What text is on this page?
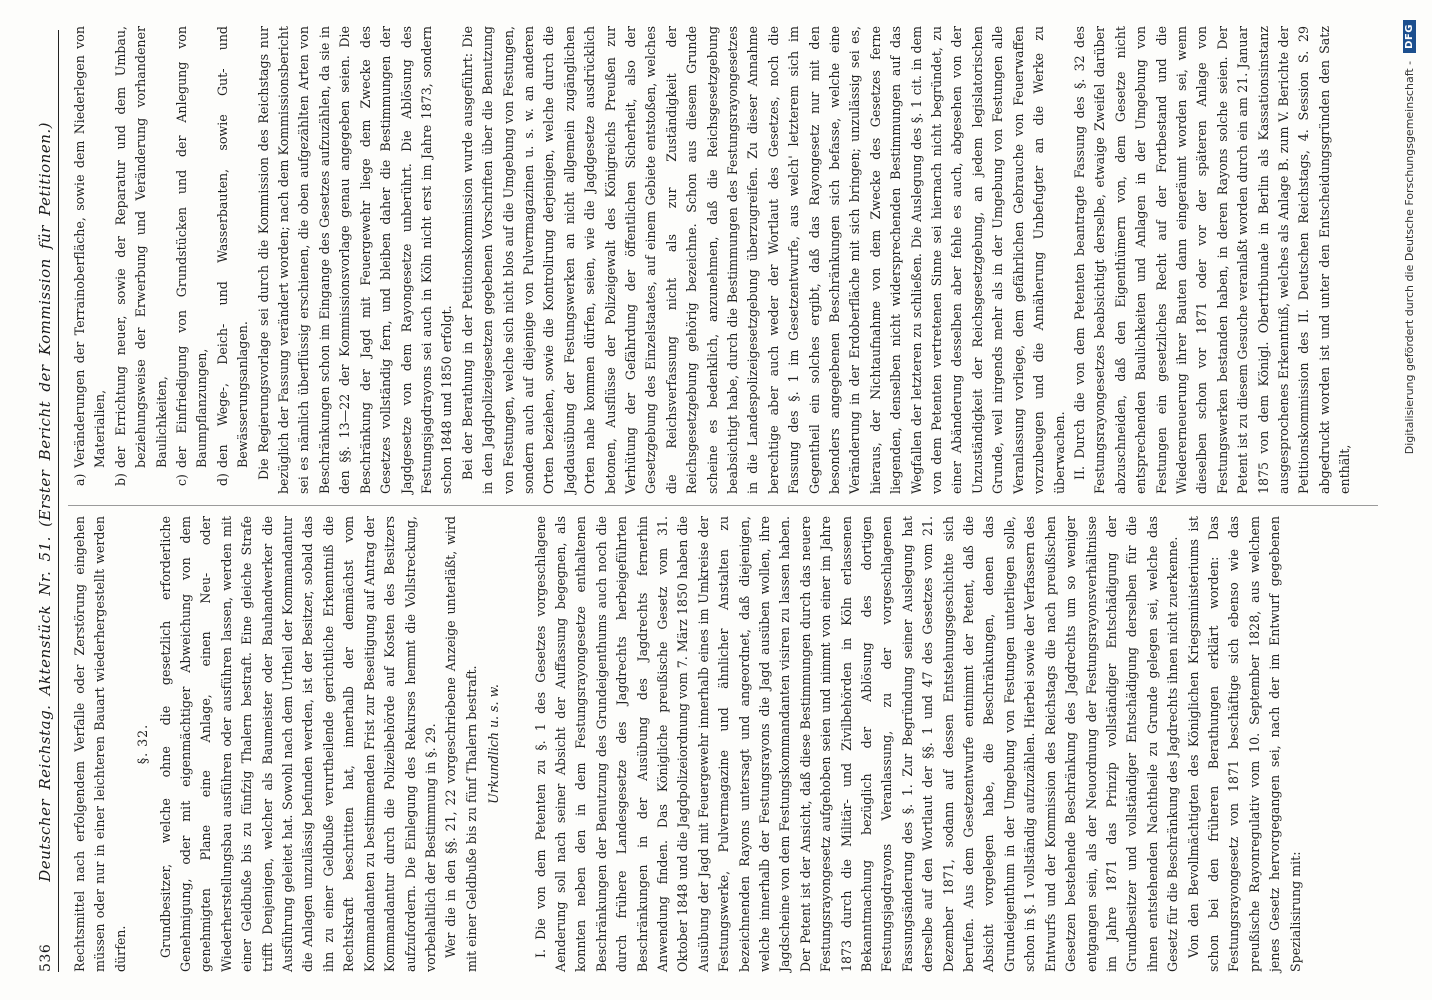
536
Deutscher Reichstag. Aktenstück Nr. 51. (Erster Bericht der Kommission für Petitionen.) Rechtsmittel nach erfolgendem Verfalle oder Zerstörung eingehen müssen oder nur in einer leichteren Bauart wiederhergestellt werden dürfen.

§. 32. Grundbesitzer, welche ohne die gesetzlich erforderliche Genehmigung, oder mit eigenmächtiger Abweichung von dem genehmigten Plane eine Anlage, einen Neu- oder Wiederherstellungsbau ausführen oder ausführen lassen, werden mit einer Geldbuße bis zu fünfzig Thalern bestraft. Eine gleiche Strafe trifft Denjenigen, welcher als Baumeister oder Bauhandwerker die Ausführung geleitet hat. Sowohl nach dem Urtheil der Kommandantur die Anlagen unzulässig befunden werden, ist der Besitzer, sobald das ihn zu einer Geldbuße verurtheilende gerichtliche Erkenntniß die Rechtskraft beschritten hat, innerhalb der demnächst vom Kommandanten zu bestimmenden Frist zur Beseitigung auf Antrag der Kommandantur durch die Polizeibehörde auf Kosten des Besitzers aufzufordern. Die Einlegung des Rekurses hemmt die Vollstreckung, vorbehaltlich der Bestimmung in §. 29. Wer die in den §§. 21, 22 vorgeschriebene Anzeige unterläßt, wird mit einer Geldbuße bis zu fünf Thalern bestraft. Urkundlich u. s. w. I. Die von dem Petenten zu §. 1 des Gesetzes vorgeschlagene Aenderung soll nach seiner Absicht der Auffassung begegnen, als konnten neben den in dem Festungsrayongesetze enthaltenen Beschränkungen der Benutzung des Grundeigenthums auch noch die durch frühere Landesgesetze des Jagdrechts herbeigeführten Beschränkungen in der Ausübung des Jagdrechts fernerhin Anwendung finden. Das Königliche preußische Gesetz vom 31. Oktober 1848 und die Jagdpolizeiordnung vom 7. März 1850 haben die Ausübung der Jagd mit Feuergewehr innerhalb eines im Umkreise der Festungswerke, Pulvermagazine und ähnlicher Anstalten zu bezeichnenden Rayons untersagt und angeordnet, daß diejenigen, welche innerhalb der Festungsrayons die Jagd ausüben wollen, ihre Jagdscheine von dem Festungskommandanten visiren zu lassen haben. Der Petent ist der Ansicht, daß diese Bestimmungen durch das neuere Festungsrayongesetz aufgehoben seien und nimmt von einer im Jahre 1873 durch die Militär- und Zivilbehörden in Köln erlassenen Bekanntmachung bezüglich der Ablösung des dortigen Festungsjagdrayons Veranlassung, zu der vorgeschlagenen Fassungsänderung des §. 1. Zur Begründung seiner Auslegung hat derselbe auf den Wortlaut der §§. 1 und 47 des Gesetzes vom 21. Dezember 1871, sodann auf dessen Entstehungsgeschichte sich berufen. Aus dem Gesetzentwurfe entnimmt der Petent, daß die Absicht vorgelegen habe, die Beschränkungen, denen das Grundeigenthum in der Umgebung von Festungen unterliegen solle, schon in §. 1 vollständig aufzuzählen. Hierbei sowie der Verfassern des Entwurfs und der Kommission des Reichstags die nach preußischen Gesetzen bestehende Beschränkung des Jagdrechts um so weniger entgangen sein, als der Neuordnung der Festungsrayonsverhältnisse im Jahre 1871 das Prinzip vollständiger Entschädigung der Grundbesitzer und vollständiger Entschädigung derselben für die ihnen entstehenden Nachtheile zu Grunde gelegen sei, welche das Gesetz für die Beschränkung des Jagdrechts ihnen nicht zuerkenne. Von den Bevollmächtigten des Königlichen Kriegsministeriums ist schon bei den früheren Berathungen erklärt worden: Das Festungsrayongesetz von 1871 beschäftige sich ebenso wie das preußische Rayonregulativ vom 10. September 1828, aus welchem jenes Gesetz hervorgegangen sei, nach der im Entwurf gegebenen Spezialisirung mit:

a)Veränderungen der Terrainoberfläche, sowie dem Niederlegen von Materialien,
b)der Errichtung neuer, sowie der Reparatur und dem Umbau, beziehungsweise der Erwerbung und Veränderung vorhandener Baulichkeiten,
c)der Einfriedigung von Grundstücken und der Anlegung von Baumpflanzungen,
d)den Wege-, Deich- und Wasserbauten, sowie Gut- und Bewässerungsanlagen. Die Regierungsvorlage sei durch die Kommission des Reichstags nur bezüglich der Fassung verändert worden; nach dem Kommissionsbericht sei es nämlich überflüssig erschienen, die oben aufgezählten Arten von Beschränkungen schon im Eingange des Gesetzes aufzuzählen, da sie in den §§. 13—22 der Kommissionsvorlage genau angegeben seien. Die Beschränkung der Jagd mit Feuergewehr liege dem Zwecke des Gesetzes vollständig fern, und bleiben daher die Bestimmungen der Jagdgesetze von dem Rayongesetze unberührt. Die Ablösung des Festungsjagdrayons sei auch in Köln nicht erst im Jahre 1873, sondern schon 1848 und 1850 erfolgt. Bei der Berathung in der Petitionskommission wurde ausgeführt: Die in den Jagdpolizeigesetzen gegebenen Vorschriften über die Benutzung von Festungen, welche sich nicht blos auf die Umgebung von Festungen, sondern auch auf diejenige von Pulvermagazinen u. s. w. an anderen Orten beziehen, sowie die Kontrolirung derjenigen, welche durch die Jagdausübung der Festungswerken an nicht allgemein zugänglichen Orten nahe kommen dürfen, seien, wie die Jagdgesetze ausdrücklich betonen, Ausflüsse der Polizeigewalt des Königreichs Preußen zur Verhütung der Gefährdung der öffentlichen Sicherheit, also der Gesetzgebung des Einzelstaates, auf einem Gebiete entstoßen, welches die Reichsverfassung nicht als zur Zuständigkeit der Reichsgesetzgebung gehörig bezeichne. Schon aus diesem Grunde scheine es bedenklich, anzunehmen, daß die Reichsgesetzgebung beabsichtigt habe, durch die Bestimmungen des Festungsrayongesetzes in die Landespolizeigesetzgebung überzugreifen. Zu dieser Annahme berechtige aber auch weder der Wortlaut des Gesetzes, noch die Fassung des §. 1 im Gesetzentwurfe, aus welch' letzterem sich im Gegentheil ein solches ergibt, daß das Rayongesetz nur mit den besonders angegebenen Beschränkungen sich befasse, welche eine Veränderung in der Erdoberfläche mit sich bringen; unzulässig sei es, hieraus, der Nichtaufnahme von dem Zwecke des Gesetzes ferne liegenden, denselben nicht widersprechenden Bestimmungen auf das Wegfallen der letzteren zu schließen. Die Auslegung des §. 1 cit. in dem von dem Petenten vertretenen Sinne sei hiernach nicht begründet, zu einer Abänderung desselben aber fehle es auch, abgesehen von der Unzuständigkeit der Reichsgesetzgebung, an jedem legislatorischen Grunde, weil nirgends mehr als in der Umgebung von Festungen alle Veranlassung vorliege, dem gefährlichen Gebrauche von Feuerwaffen vorzubeugen und die Annäherung Unbefugter an die Werke zu überwachen. II. Durch die von dem Petenten beantragte Fassung des §. 32 des Festungsrayongesetzes beabsichtigt derselbe, etwaige Zweifel darüber abzuschneiden, daß den Eigenthümern von, dem Gesetze nicht entsprechenden Baulichkeiten und Anlagen in der Umgebung von Festungen ein gesetzliches Recht auf der Fortbestand und die Wiedererneuerung ihrer Bauten dann eingeräumt worden sei, wenn dieselben schon vor 1871 oder vor der späteren Anlage von Festungswerken bestanden haben, in deren Rayons solche seien. Der Petent ist zu diesem Gesuche veranlaßt worden durch ein am 21. Januar 1875 von dem Königl. Obertribunale in Berlin als Kassationsinstanz ausgesprochenes Erkenntniß, welches als Anlage B. zum V. Berichte der Petitionskommission des II. Deutschen Reichstags, 4. Session S. 29 abgedruckt worden ist und unter den Entscheidungsgründen den Satz enthält,

Digitalisierung gefördert durch die Deutsche Forschungsgemeinschaft -
DFG
